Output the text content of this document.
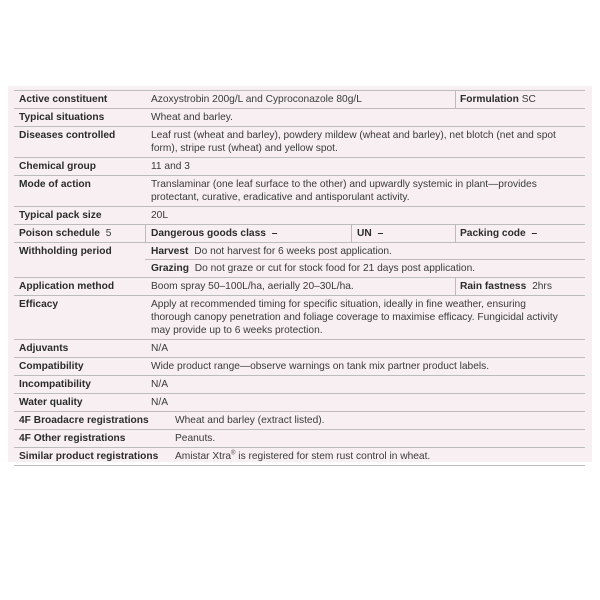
Active constituent	Azoxystrobin 200g/L and Cyproconazole 80g/L	Formulation SC
Typical situations	Wheat and barley.
Diseases controlled	Leaf rust (wheat and barley), powdery mildew (wheat and barley), net blotch (net and spot
form), stripe rust (wheat) and yellow spot.
Chemical group	11 and 3
Mode of action	Translaminar (one leaf surface to the other) and upwardly systemic in plant—provides
protectant, curative, eradicative and antisporulant activity.
Typical pack size	20L
Poison schedule 5	Dangerous goods class –	UN –	Packing code –
Withholding period	Harvest Do not harvest for 6 weeks post application.
Grazing Do not graze or cut for stock food for 21 days post application.
Application method	Boom spray 50–100L/ha, aerially 20–30L/ha.	Rain fastness 2hrs
Efficacy	Apply at recommended timing for specific situation, ideally in fine weather, ensuring
thorough canopy penetration and foliage coverage to maximise efficacy. Fungicidal activity
may provide up to 6 weeks protection.
Adjuvants	N/A
Compatibility	Wide product range—observe warnings on tank mix partner product labels.
Incompatibility	N/A
Water quality	N/A
4F Broadacre registrations	Wheat and barley (extract listed).
4F Other registrations	Peanuts.
Similar product registrations Amistar Xtra® is registered for stem rust control in wheat.
